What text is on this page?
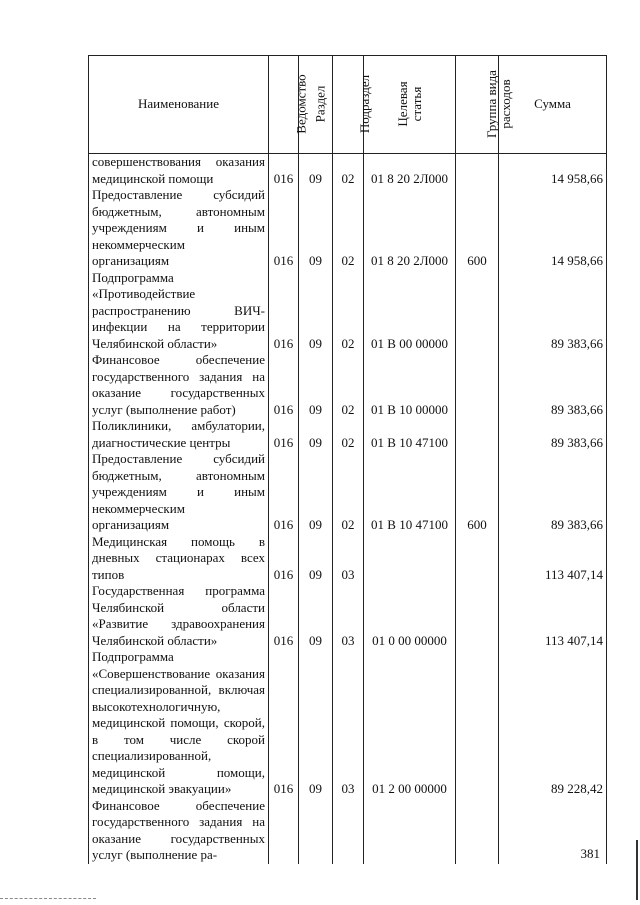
Наименование	Ведомство	Раздел	Подраздел	Целевая статья	Группа вида расходов	Сумма
совершенствования оказания медицинской помощи	016	09	02	01 8 20 2Л000		14 958,66
Предоставление субсидий бюджетным, автономным учреждениям и иным некоммерческим организациям	016	09	02	01 8 20 2Л000	600	14 958,66
Подпрограмма «Противодействие распространению ВИЧ-инфекции на территории Челябинской области»	016	09	02	01 В 00 00000		89 383,66
Финансовое обеспечение государственного задания на оказание государственных услуг (выполнение работ)	016	09	02	01 В 10 00000		89 383,66
Поликлиники, амбулатории, диагностические центры	016	09	02	01 В 10 47100		89 383,66
Предоставление субсидий бюджетным, автономным учреждениям и иным некоммерческим организациям	016	09	02	01 В 10 47100	600	89 383,66
Медицинская помощь в дневных стационарах всех типов	016	09	03			113 407,14
Государственная программа Челябинской области «Развитие здравоохранения Челябинской области»	016	09	03	01 0 00 00000		113 407,14
Подпрограмма «Совершенствование оказания специализированной, включая высокотехнологичную, медицинской помощи, скорой, в том числе скорой специализированной, медицинской помощи, медицинской эвакуации»	016	09	03	01 2 00 00000		89 228,42
Финансовое обеспечение государственного задания на оказание государственных услуг (выполнение ра-							381
